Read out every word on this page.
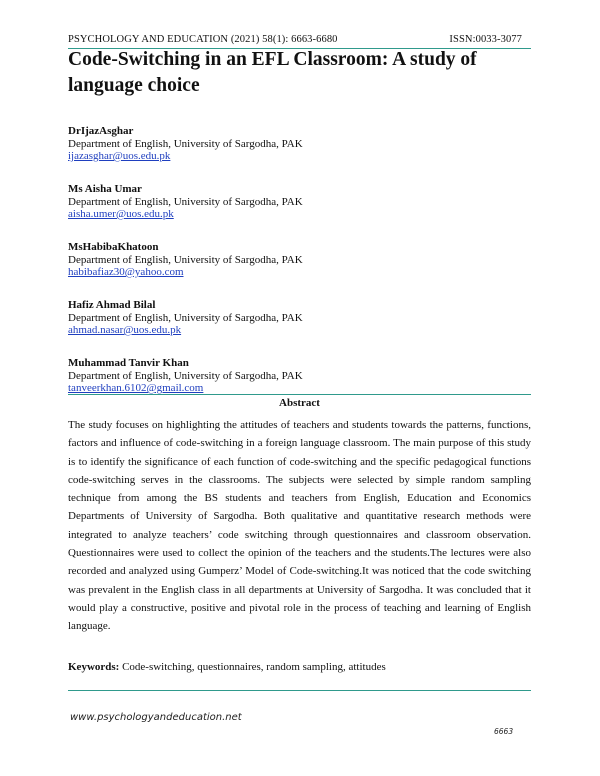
PSYCHOLOGY AND EDUCATION (2021) 58(1): 6663-6680	ISSN:0033-3077
Code-Switching in an EFL Classroom: A study of language choice
DrIjazAsghar
Department of English, University of Sargodha, PAK
ijazasghar@uos.edu.pk
Ms Aisha Umar
Department of English, University of Sargodha, PAK
aisha.umer@uos.edu.pk
MsHabibaKhatoon
Department of English, University of Sargodha, PAK
habibafiaz30@yahoo.com
Hafiz Ahmad Bilal
Department of English, University of Sargodha, PAK
ahmad.nasar@uos.edu.pk
Muhammad Tanvir Khan
Department of English, University of Sargodha, PAK
tanveerkhan.6102@gmail.com
Abstract

The study focuses on highlighting the attitudes of teachers and students towards the patterns, functions, factors and influence of code-switching in a foreign language classroom. The main purpose of this study is to identify the significance of each function of code-switching and the specific pedagogical functions code-switching serves in the classrooms. The subjects were selected by simple random sampling technique from among the BS students and teachers from English, Education and Economics Departments of University of Sargodha. Both qualitative and quantitative research methods were integrated to analyze teachers’ code switching through questionnaires and classroom observation. Questionnaires were used to collect the opinion of the teachers and the students.The lectures were also recorded and analyzed using Gumperz’ Model of Code-switching.It was noticed that the code switching was prevalent in the English class in all departments at University of Sargodha. It was concluded that it would play a constructive, positive and pivotal role in the process of teaching and learning of English language.

Keywords: Code-switching, questionnaires, random sampling, attitudes
www.psychologyandeducation.net
6663
